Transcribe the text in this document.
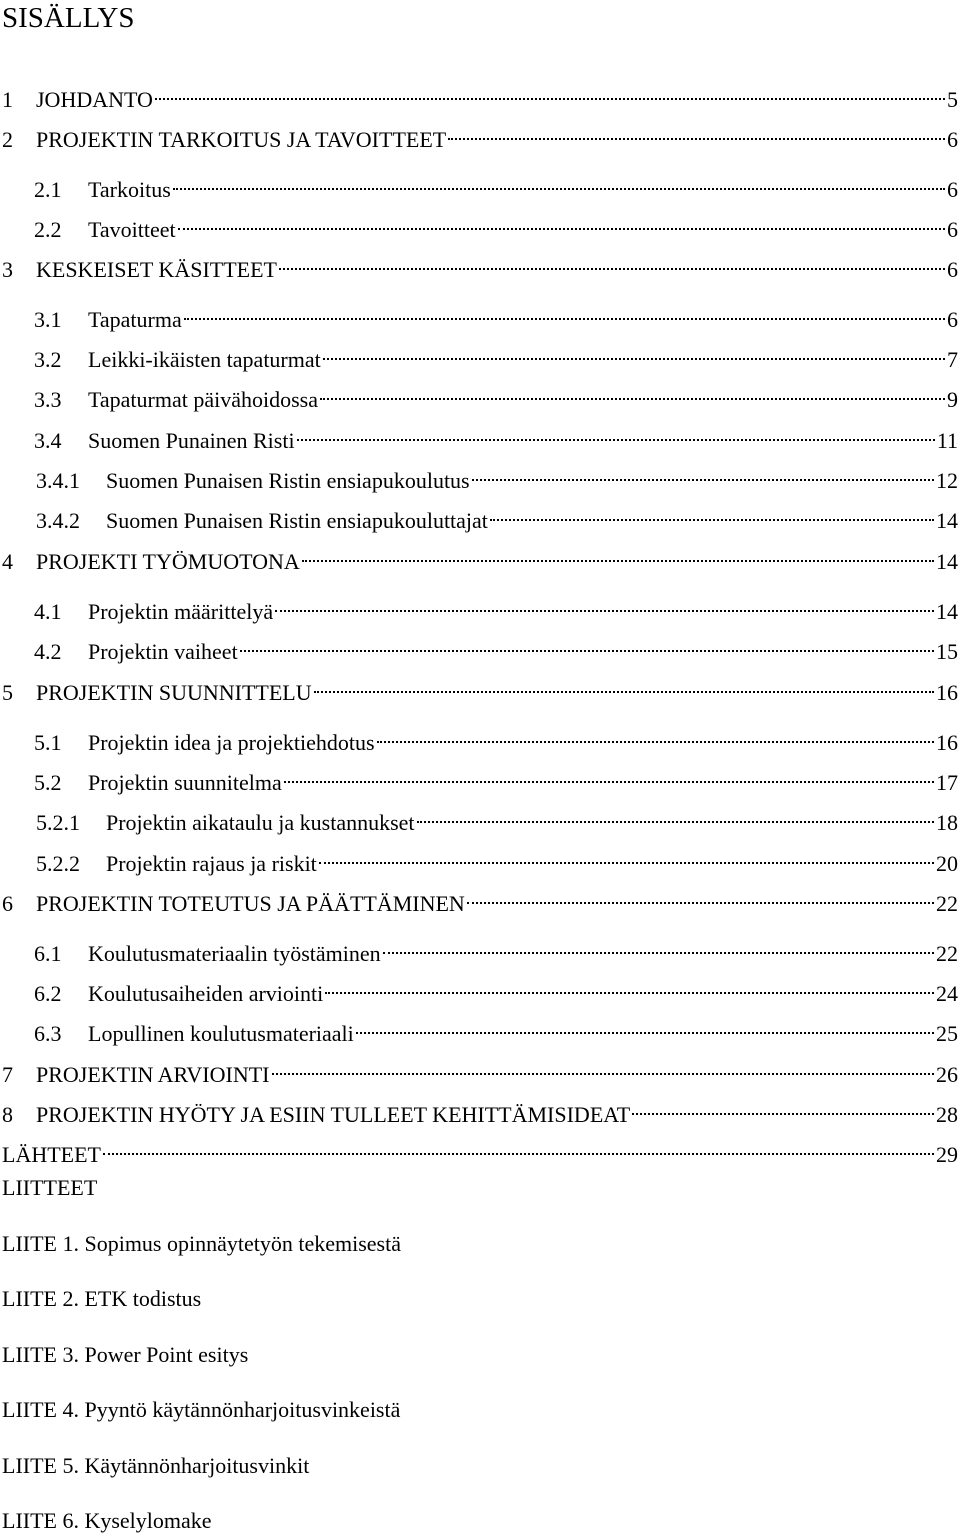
SISÄLLYS
1	JOHDANTO	5
2	PROJEKTIN TARKOITUS JA TAVOITTEET	6
2.1	Tarkoitus	6
2.2	Tavoitteet	6
3	KESKEISET KÄSITTEET	6
3.1	Tapaturma	6
3.2	Leikki-ikäisten tapaturmat	7
3.3	Tapaturmat päivähoidossa	9
3.4	Suomen Punainen Risti	11
3.4.1	Suomen Punaisen Ristin ensiapukoulutus	12
3.4.2	Suomen Punaisen Ristin ensiapukouluttajat	14
4	PROJEKTI TYÖMUOTONA	14
4.1	Projektin määrittelyä	14
4.2	Projektin vaiheet	15
5	PROJEKTIN SUUNNITTELU	16
5.1	Projektin idea ja projektiehdotus	16
5.2	Projektin suunnitelma	17
5.2.1	Projektin aikataulu ja kustannukset	18
5.2.2	Projektin rajaus ja riskit	20
6	PROJEKTIN TOTEUTUS JA PÄÄTTÄMINEN	22
6.1	Koulutusmateriaalin työstäminen	22
6.2	Koulutusaiheiden arviointi	24
6.3	Lopullinen koulutusmateriaali	25
7	PROJEKTIN ARVIOINTI	26
8	PROJEKTIN HYÖTY JA ESIIN TULLEET KEHITTÄMISIDEAT	28
LÄHTEET	29
LIITTEET
LIITE 1. Sopimus opinnäytetyön tekemisestä
LIITE 2. ETK todistus
LIITE 3. Power Point esitys
LIITE 4. Pyyntö käytännönharjoitusvinkeistä
LIITE 5. Käytännönharjoitusvinkit
LIITE 6. Kyselylomake
